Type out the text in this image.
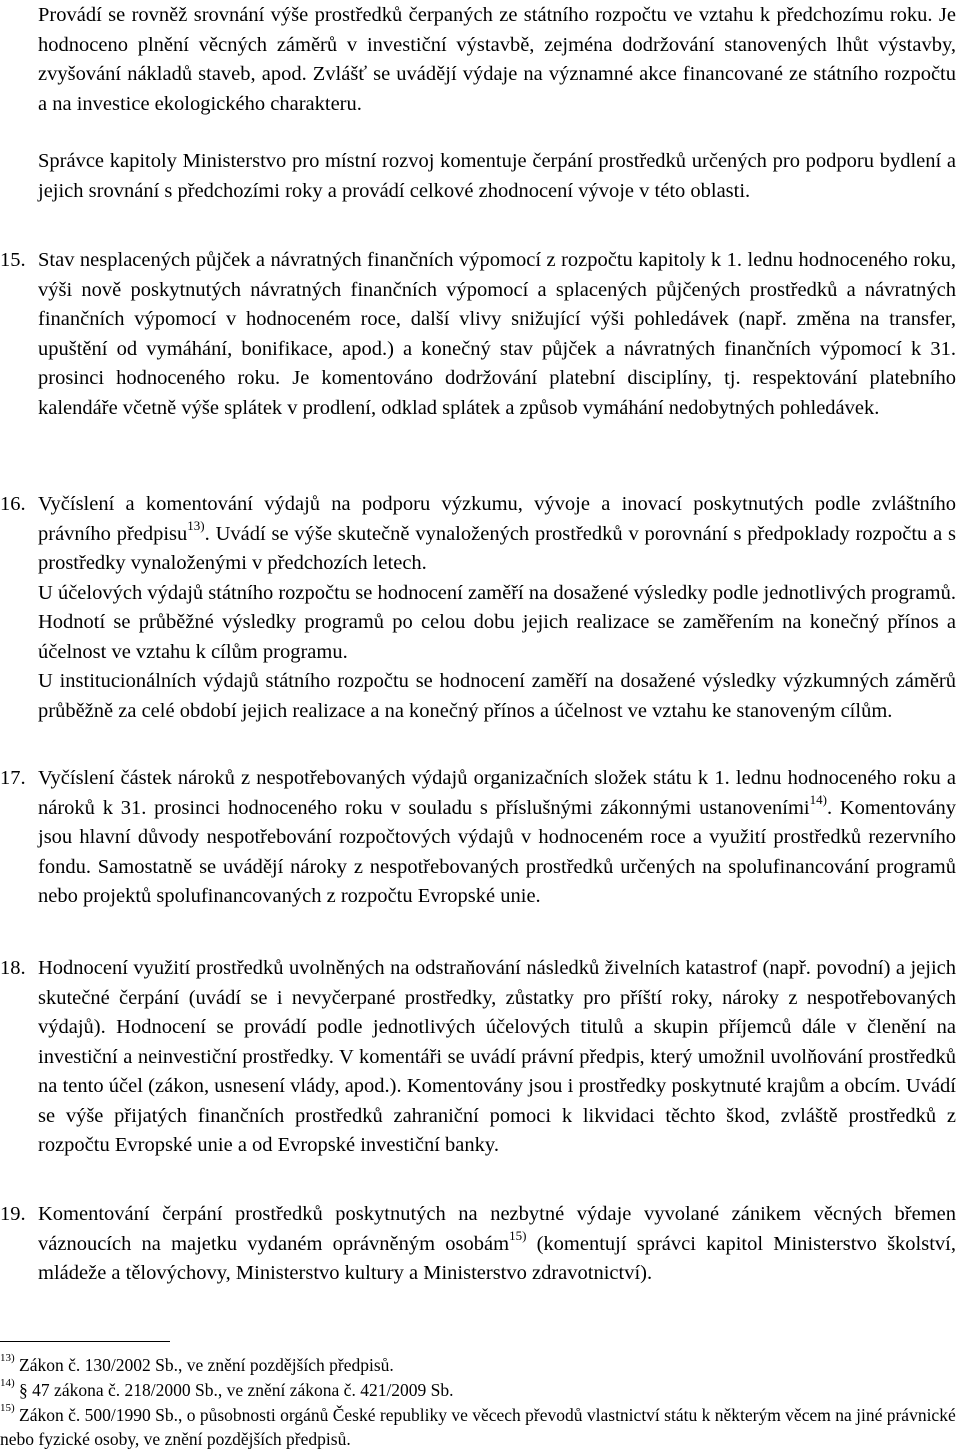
Provádí se rovněž srovnání výše prostředků čerpaných ze státního rozpočtu ve vztahu k předchozímu roku. Je hodnoceno plnění věcných záměrů v investiční výstavbě, zejména dodržování stanovených lhůt výstavby, zvyšování nákladů staveb, apod. Zvlášť se uvádějí výdaje na významné akce financované ze státního rozpočtu a na investice ekologického charakteru.

Správce kapitoly Ministerstvo pro místní rozvoj komentuje čerpání prostředků určených pro podporu bydlení a jejich srovnání s předchozími roky a provádí celkové zhodnocení vývoje v této oblasti.

15. Stav nesplacených půjček a návratných finančních výpomocí z rozpočtu kapitoly k 1. lednu hodnoceného roku, výši nově poskytnutých návratných finančních výpomocí a splacených půjčených prostředků a návratných finančních výpomocí v hodnoceném roce, další vlivy snižující výši pohledávek (např. změna na transfer, upuštění od vymáhání, bonifikace, apod.) a konečný stav půjček a návratných finančních výpomocí k 31. prosinci hodnoceného roku. Je komentováno dodržování platební disciplíny, tj. respektování platebního kalendáře včetně výše splátek v prodlení, odklad splátek a způsob vymáhání nedobytných pohledávek.

16. Vyčíslení a komentování výdajů na podporu výzkumu, vývoje a inovací poskytnutých podle zvláštního právního předpisu$^{13)}$. Uvádí se výše skutečně vynaložených prostředků v porovnání s předpoklady rozpočtu a s prostředky vynaloženými v předchozích letech.

U účelových výdajů státního rozpočtu se hodnocení zaměří na dosažené výsledky podle jednotlivých programů. Hodnotí se průběžné výsledky programů po celou dobu jejich realizace se zaměřením na konečný přínos a účelnost ve vztahu k cílům programu.

U institucionálních výdajů státního rozpočtu se hodnocení zaměří na dosažené výsledky výzkumných záměrů průběžně za celé období jejich realizace a na konečný přínos a účelnost ve vztahu ke stanoveným cílům.

17. Vyčíslení částek nároků z nespotřebovaných výdajů organizačních složek státu k 1. lednu hodnoceného roku a nároků k 31. prosinci hodnoceného roku v souladu s příslušnými zákonnými ustanoveními$^{14)}$. Komentovány jsou hlavní důvody nespotřebování rozpočtových výdajů v hodnoceném roce a využití prostředků rezervního fondu. Samostatně se uvádějí nároky z nespotřebovaných prostředků určených na spolufinancování programů nebo projektů spolufinancovaných z rozpočtu Evropské unie.

18. Hodnocení využití prostředků uvolněných na odstraňování následků živelních katastrof (např. povodní) a jejich skutečné čerpání (uvádí se i nevyčerpané prostředky, zůstatky pro příští roky, nároky z nespotřebovaných výdajů). Hodnocení se provádí podle jednotlivých účelových titulů a skupin příjemců dále v členění na investiční a neinvestiční prostředky. V komentáři se uvádí právní předpis, který umožnil uvolňování prostředků na tento účel (zákon, usnesení vlády, apod.). Komentovány jsou i prostředky poskytnuté krajům a obcím. Uvádí se výše přijatých finančních prostředků zahraniční pomoci k likvidaci těchto škod, zvláště prostředků z rozpočtu Evropské unie a od Evropské investiční banky.

19. Komentování čerpání prostředků poskytnutých na nezbytné výdaje vyvolané zánikem věcných břemen váznoucích na majetku vydaném oprávněným osobám$^{15)}$ (komentují správci kapitol Ministerstvo školství, mládeže a tělovýchovy, Ministerstvo kultury a Ministerstvo zdravotnictví).

$^{13)}$ Zákon č. 130/2002 Sb., ve znění pozdějších předpisů.
$^{14)}$ § 47 zákona č. 218/2000 Sb., ve znění zákona č. 421/2009 Sb.
$^{15)}$ Zákon č. 500/1990 Sb., o působnosti orgánů České republiky ve věcech převodů vlastnictví státu k některým věcem na jiné právnické nebo fyzické osoby, ve znění pozdějších předpisů.
